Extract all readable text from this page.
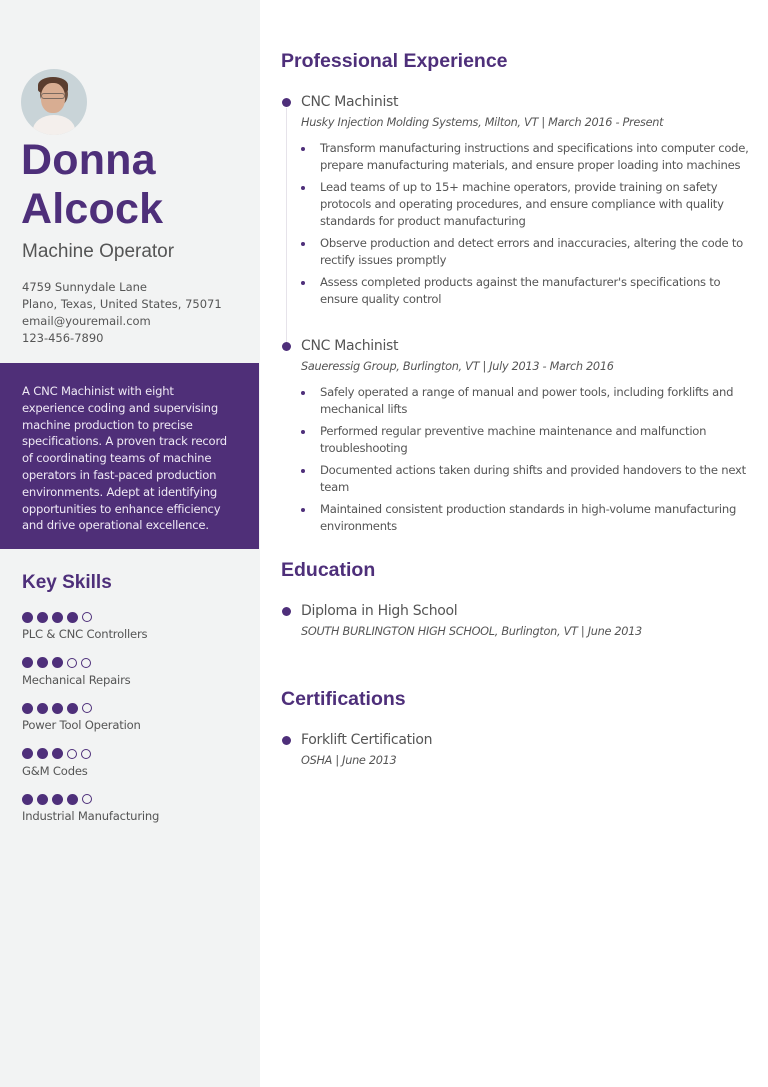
Donna
Alcock
Machine Operator
4759 Sunnydale Lane
Plano, Texas, United States, 75071
email@youremail.com
123-456-7890

A CNC Machinist with eight experience coding and supervising machine production to precise specifications. A proven track record of coordinating teams of machine operators in fast-paced production environments. Adept at identifying opportunities to enhance efficiency and drive operational excellence.

Key Skills
PLC & CNC Controllers
Mechanical Repairs
Power Tool Operation
G&M Codes
Industrial Manufacturing
Professional Experience
CNC Machinist
Husky Injection Molding Systems, Milton, VT | March 2016 - Present
Transform manufacturing instructions and specifications into computer code, prepare manufacturing materials, and ensure proper loading into machines
Lead teams of up to 15+ machine operators, provide training on safety protocols and operating procedures, and ensure compliance with quality standards for product manufacturing
Observe production and detect errors and inaccuracies, altering the code to rectify issues promptly
Assess completed products against the manufacturer's specifications to ensure quality control
CNC Machinist
Saueressig Group, Burlington, VT | July 2013 - March 2016
Safely operated a range of manual and power tools, including forklifts and mechanical lifts
Performed regular preventive machine maintenance and malfunction troubleshooting
Documented actions taken during shifts and provided handovers to the next team
Maintained consistent production standards in high-volume manufacturing environments
Education
Diploma in High School
SOUTH BURLINGTON HIGH SCHOOL, Burlington, VT | June 2013
Certifications
Forklift Certification
OSHA | June 2013
